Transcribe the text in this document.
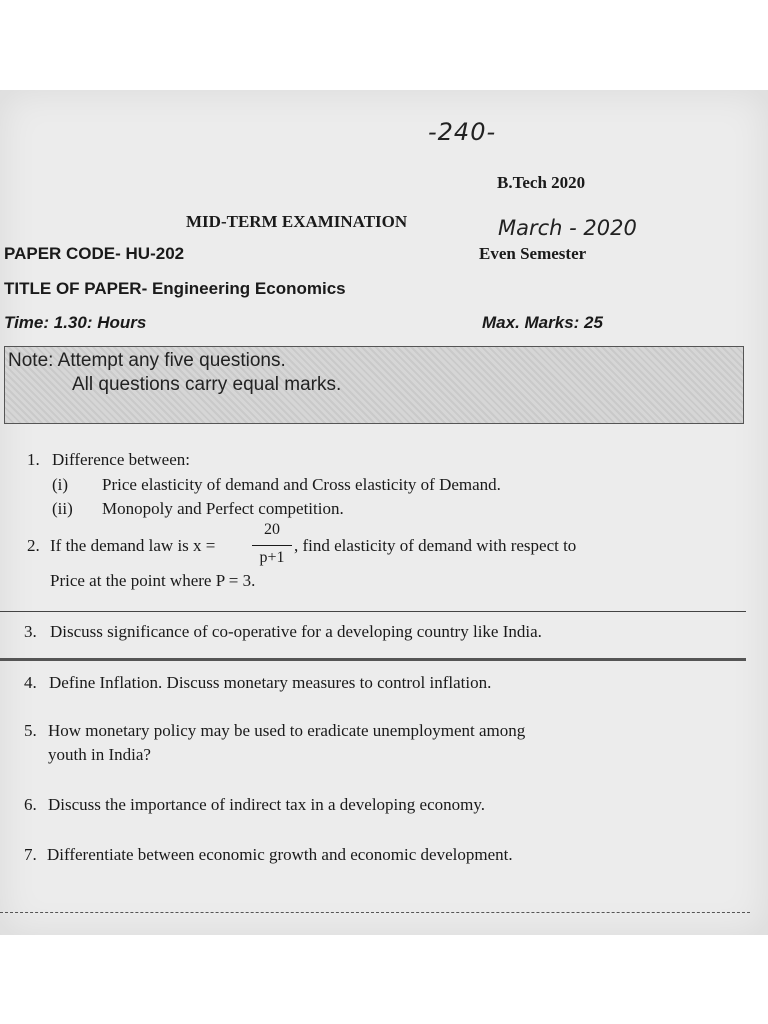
-240-
March - 2020
B.Tech 2020
MID-TERM EXAMINATION
PAPER CODE- HU-202	Even Semester
TITLE OF PAPER- Engineering Economics
Time: 1.30: Hours	Max. Marks: 25
Note: Attempt any five questions.
All questions carry equal marks.
1. Difference between:
(i) Price elasticity of demand and Cross elasticity of Demand.
(ii) Monopoly and Perfect competition.
2. If the demand law is x =
20
p+1
, find elasticity of demand with respect to
Price at the point where P = 3.
3. Discuss significance of co-operative for a developing country like India.
4. Define Inflation. Discuss monetary measures to control inflation.
5. How monetary policy may be used to eradicate unemployment among
youth in India?
6. Discuss the importance of indirect tax in a developing economy.
7. Differentiate between economic growth and economic development.
